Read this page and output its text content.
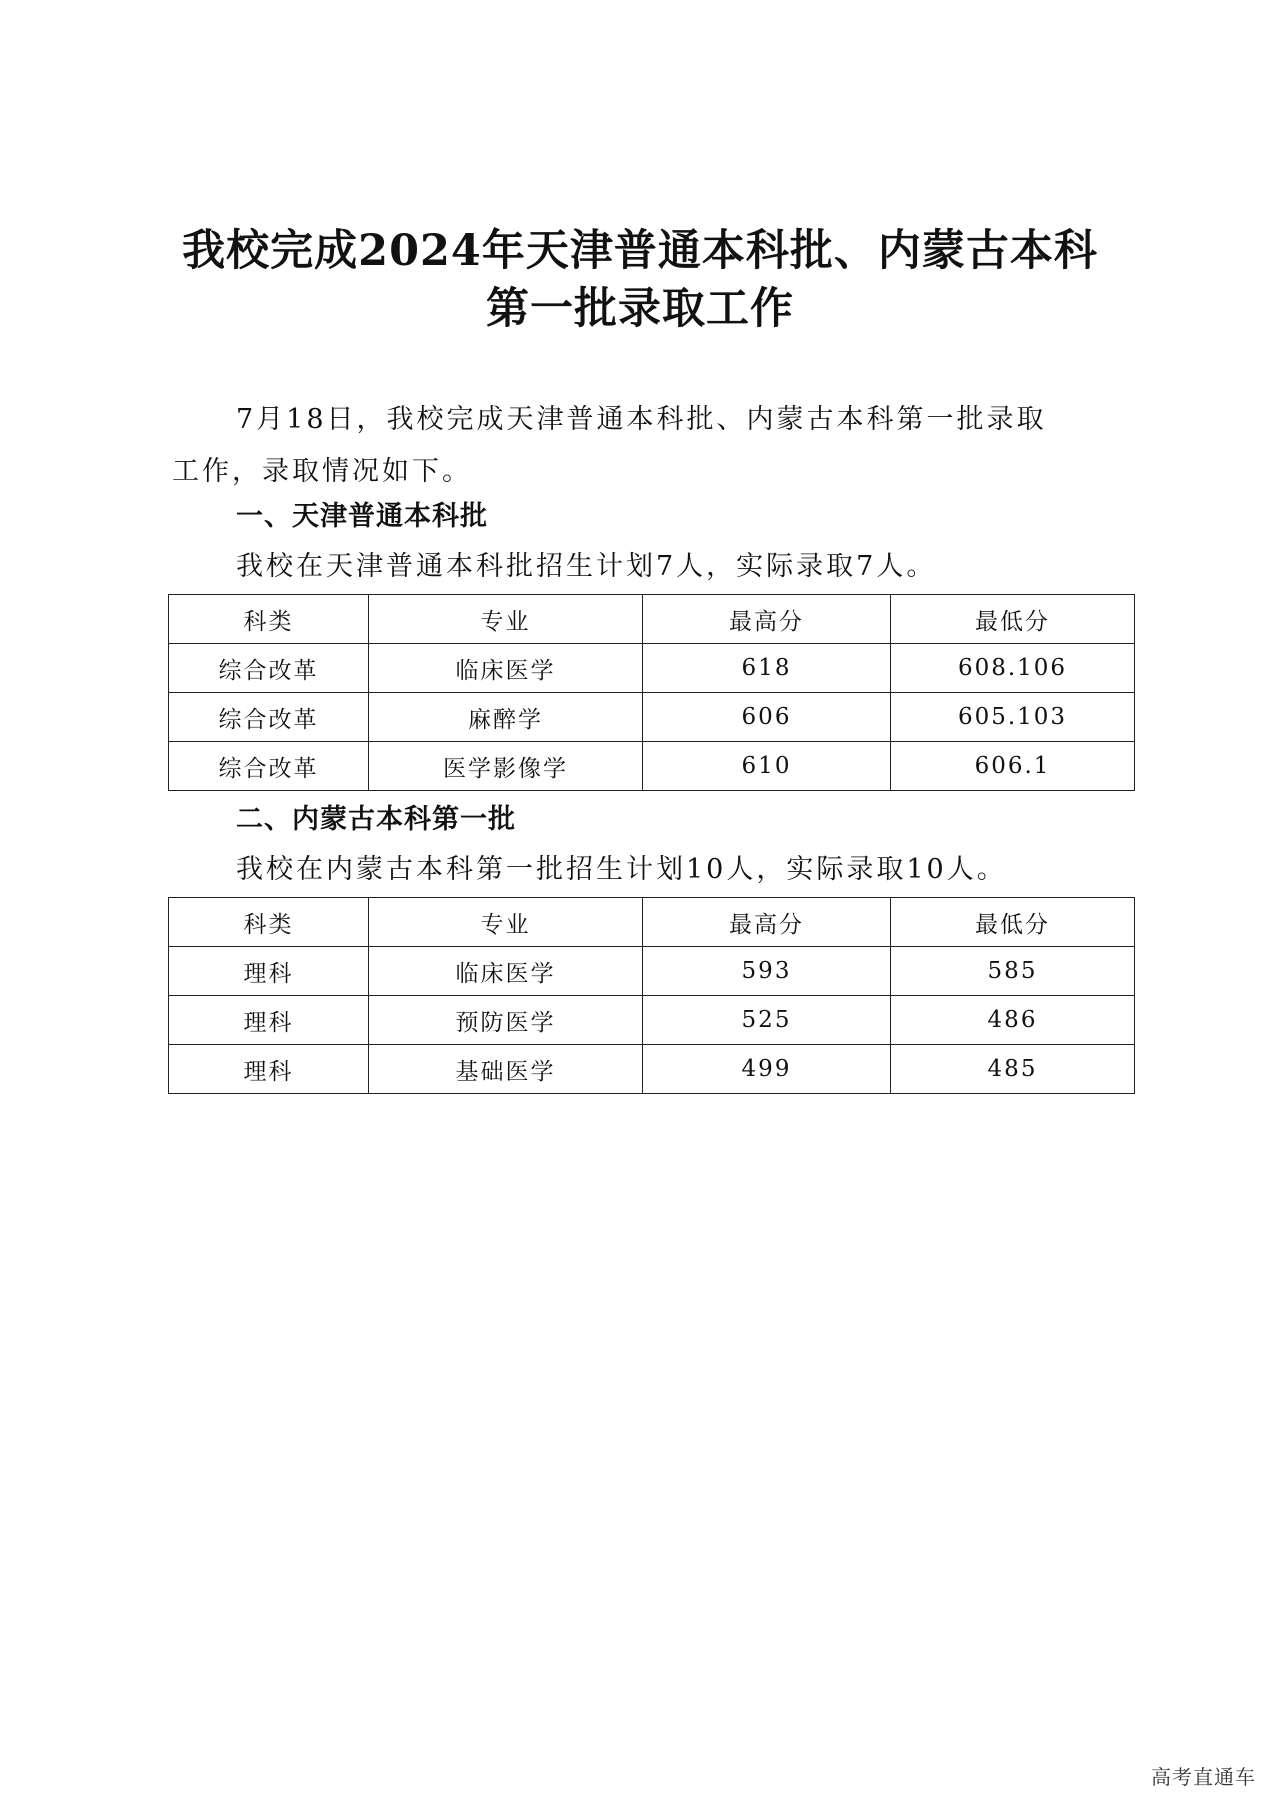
我校完成2024年天津普通本科批、内蒙古本科
第一批录取工作
7月18日，我校完成天津普通本科批、内蒙古本科第一批录取
工作，录取情况如下。
一、天津普通本科批
我校在天津普通本科批招生计划7人，实际录取7人。
科类	专业	最高分	最低分
综合改革	临床医学	618	608.106
综合改革	麻醉学	606	605.103
综合改革	医学影像学	610	606.1
二、内蒙古本科第一批
我校在内蒙古本科第一批招生计划10人，实际录取10人。
科类	专业	最高分	最低分
理科	临床医学	593	585
理科	预防医学	525	486
理科	基础医学	499	485
高考直通车
